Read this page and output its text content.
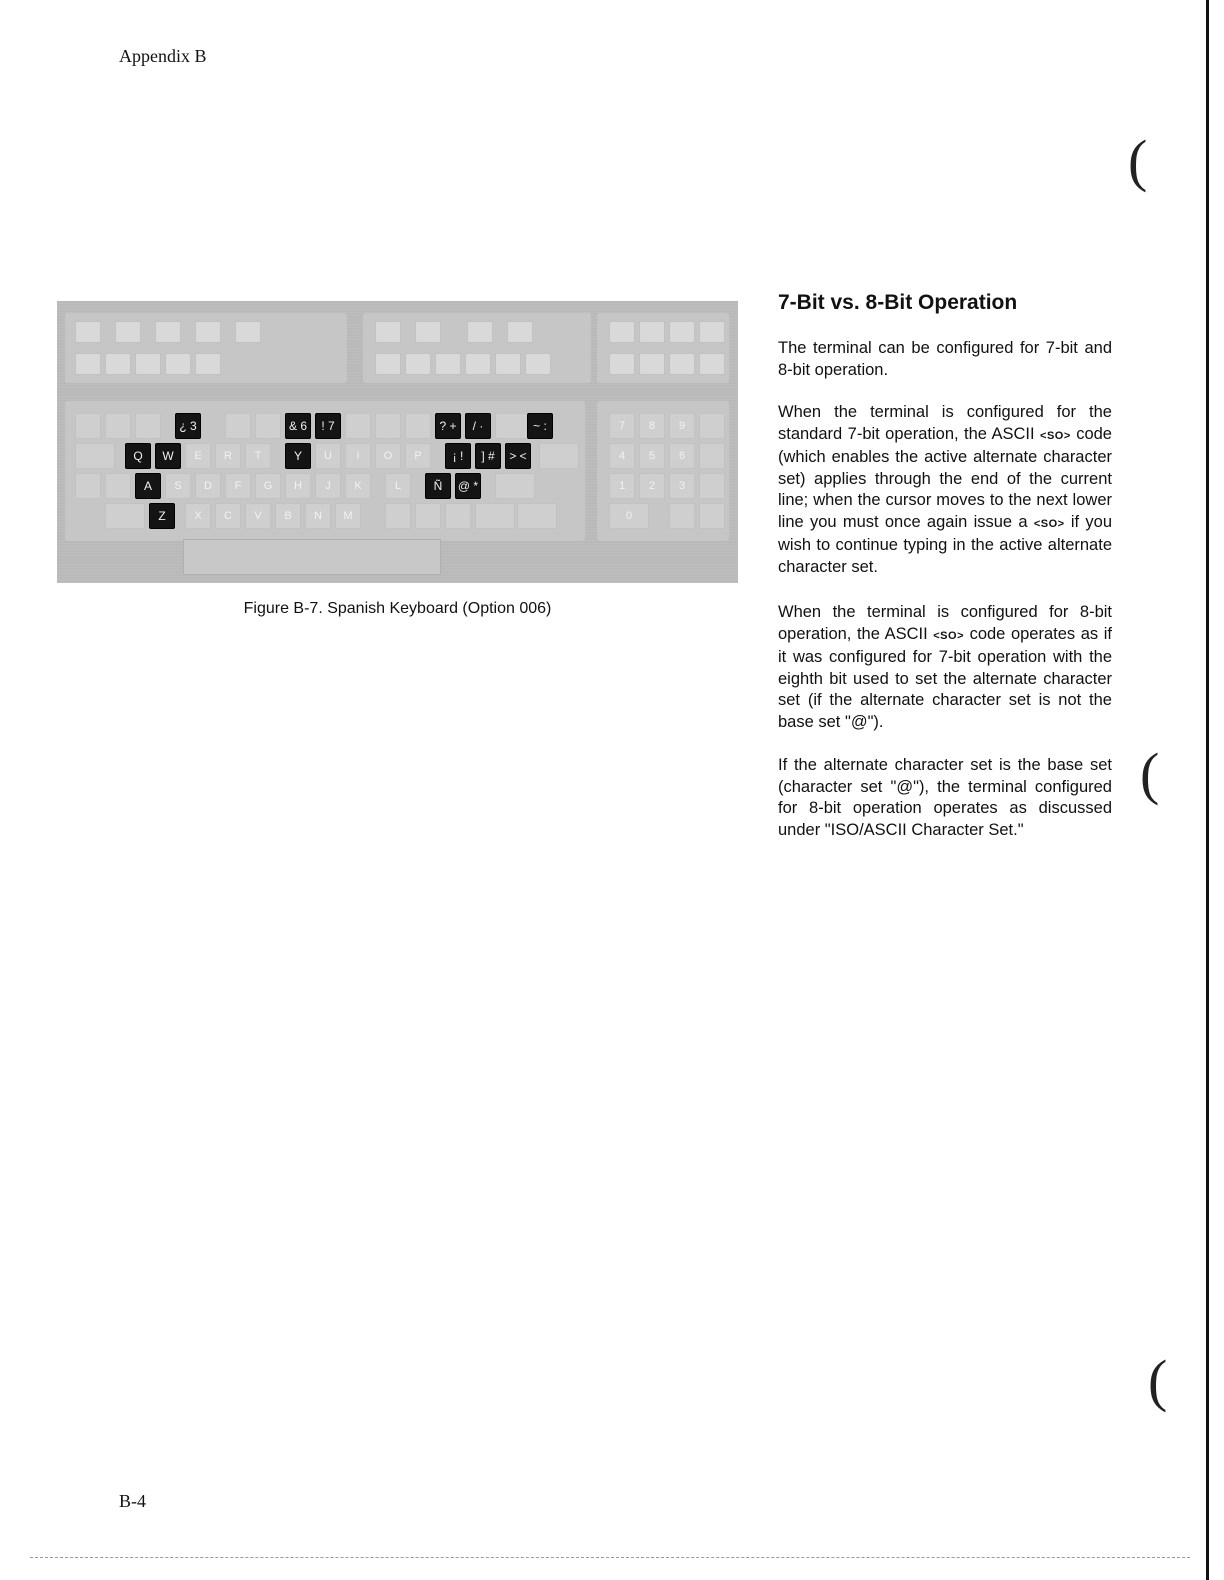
Appendix B
(
(
(
¿ 3	& 6	! 7	? +	/ ·	~ :
Q	W	Y	¡ !	] #	> <
A	Ñ	@ *
Z
E	R	T	U	I	O	P
S	D	F	G	H	J	K	L
X	C	V	B	N	M
7	8	9
4	5	6
1	2	3
0
Figure B-7. Spanish Keyboard (Option 006)
7-Bit vs. 8-Bit Operation

The terminal can be configured for 7-bit and 8-bit operation.

When the terminal is configured for the standard 7-bit operation, the ASCII <SO> code (which enables the active alternate character set) applies through the end of the current line; when the cursor moves to the next lower line you must once again issue a <SO> if you wish to continue typing in the active alternate character set.

When the terminal is configured for 8-bit operation, the ASCII <SO> code operates as if it was configured for 7-bit operation with the eighth bit used to set the alternate character set (if the alternate character set is not the base set "@").

If the alternate character set is the base set (character set "@"), the terminal configured for 8-bit operation operates as discussed under "ISO/ASCII Character Set."

B-4
